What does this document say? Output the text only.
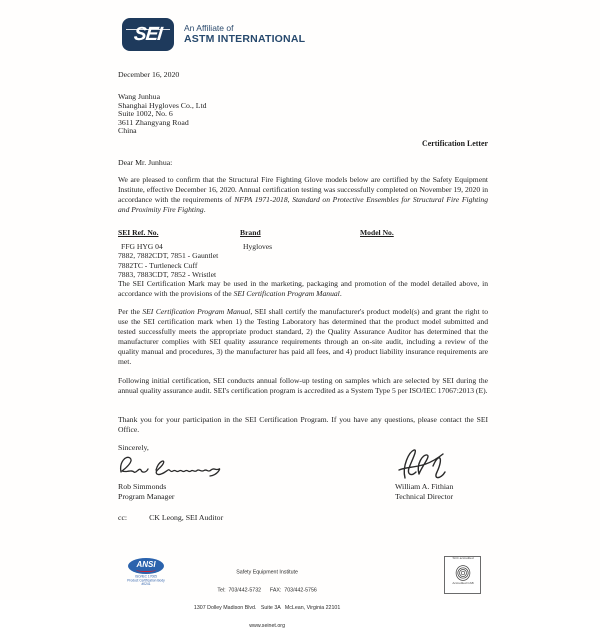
SEI An Affiliate of
ASTM INTERNATIONAL
December 16, 2020
Wang Junhua
Shanghai Hygloves Co., Ltd
Suite 1002, No. 6
3611 Zhangyang Road
China
Certification Letter
Dear Mr. Junhua:

We are pleased to confirm that the Structural Fire Fighting Glove models below are certified by the Safety Equipment Institute, effective December 16, 2020. Annual certification testing was successfully completed on November 19, 2020 in accordance with the requirements of NFPA 1971-2018, Standard on Protective Ensembles for Structural Fire Fighting and Proximity Fire Fighting.

SEI Ref. No.	Brand	Model No.
FFG HYG 04	Hygloves
7882, 7882CDT, 7851 - Gauntlet
7882TC - Turtleneck Cuff
7883, 7883CDT, 7852 - Wristlet

The SEI Certification Mark may be used in the marketing, packaging and promotion of the model detailed above, in accordance with the provisions of the SEI Certification Program Manual.

Per the SEI Certification Program Manual, SEI shall certify the manufacturer's product model(s) and grant the right to use the SEI certification mark when 1) the Testing Laboratory has determined that the product model submitted and tested successfully meets the appropriate product standard, 2) the Quality Assurance Auditor has determined that the manufacturer complies with SEI quality assurance requirements through an on-site audit, including a review of the quality manual and procedures, 3) the manufacturer has paid all fees, and 4) product liability insurance requirements are met.

Following initial certification, SEI conducts annual follow-up testing on samples which are selected by SEI during the annual quality assurance audit. SEI's certification program is accredited as a System Type 5 per ISO/IEC 17067:2013 (E).

Thank you for your participation in the SEI Certification Program. If you have any questions, please contact the SEI Office.

Sincerely,
Rob Simmonds
Program Manager
William A. Fithian
Technical Director
cc:	CK Leong, SEI Auditor
ANSI
ISO/IEC 17065
Product Certification Body
#0241

Safety Equipment Institute

Tel:  703/442-5732      FAX:  703/442-5756

1307 Dolley Madison Blvd.   Suite 3A   McLean, Virginia 22101

www.seinet.org

SCC accredited
Accredited CAB
